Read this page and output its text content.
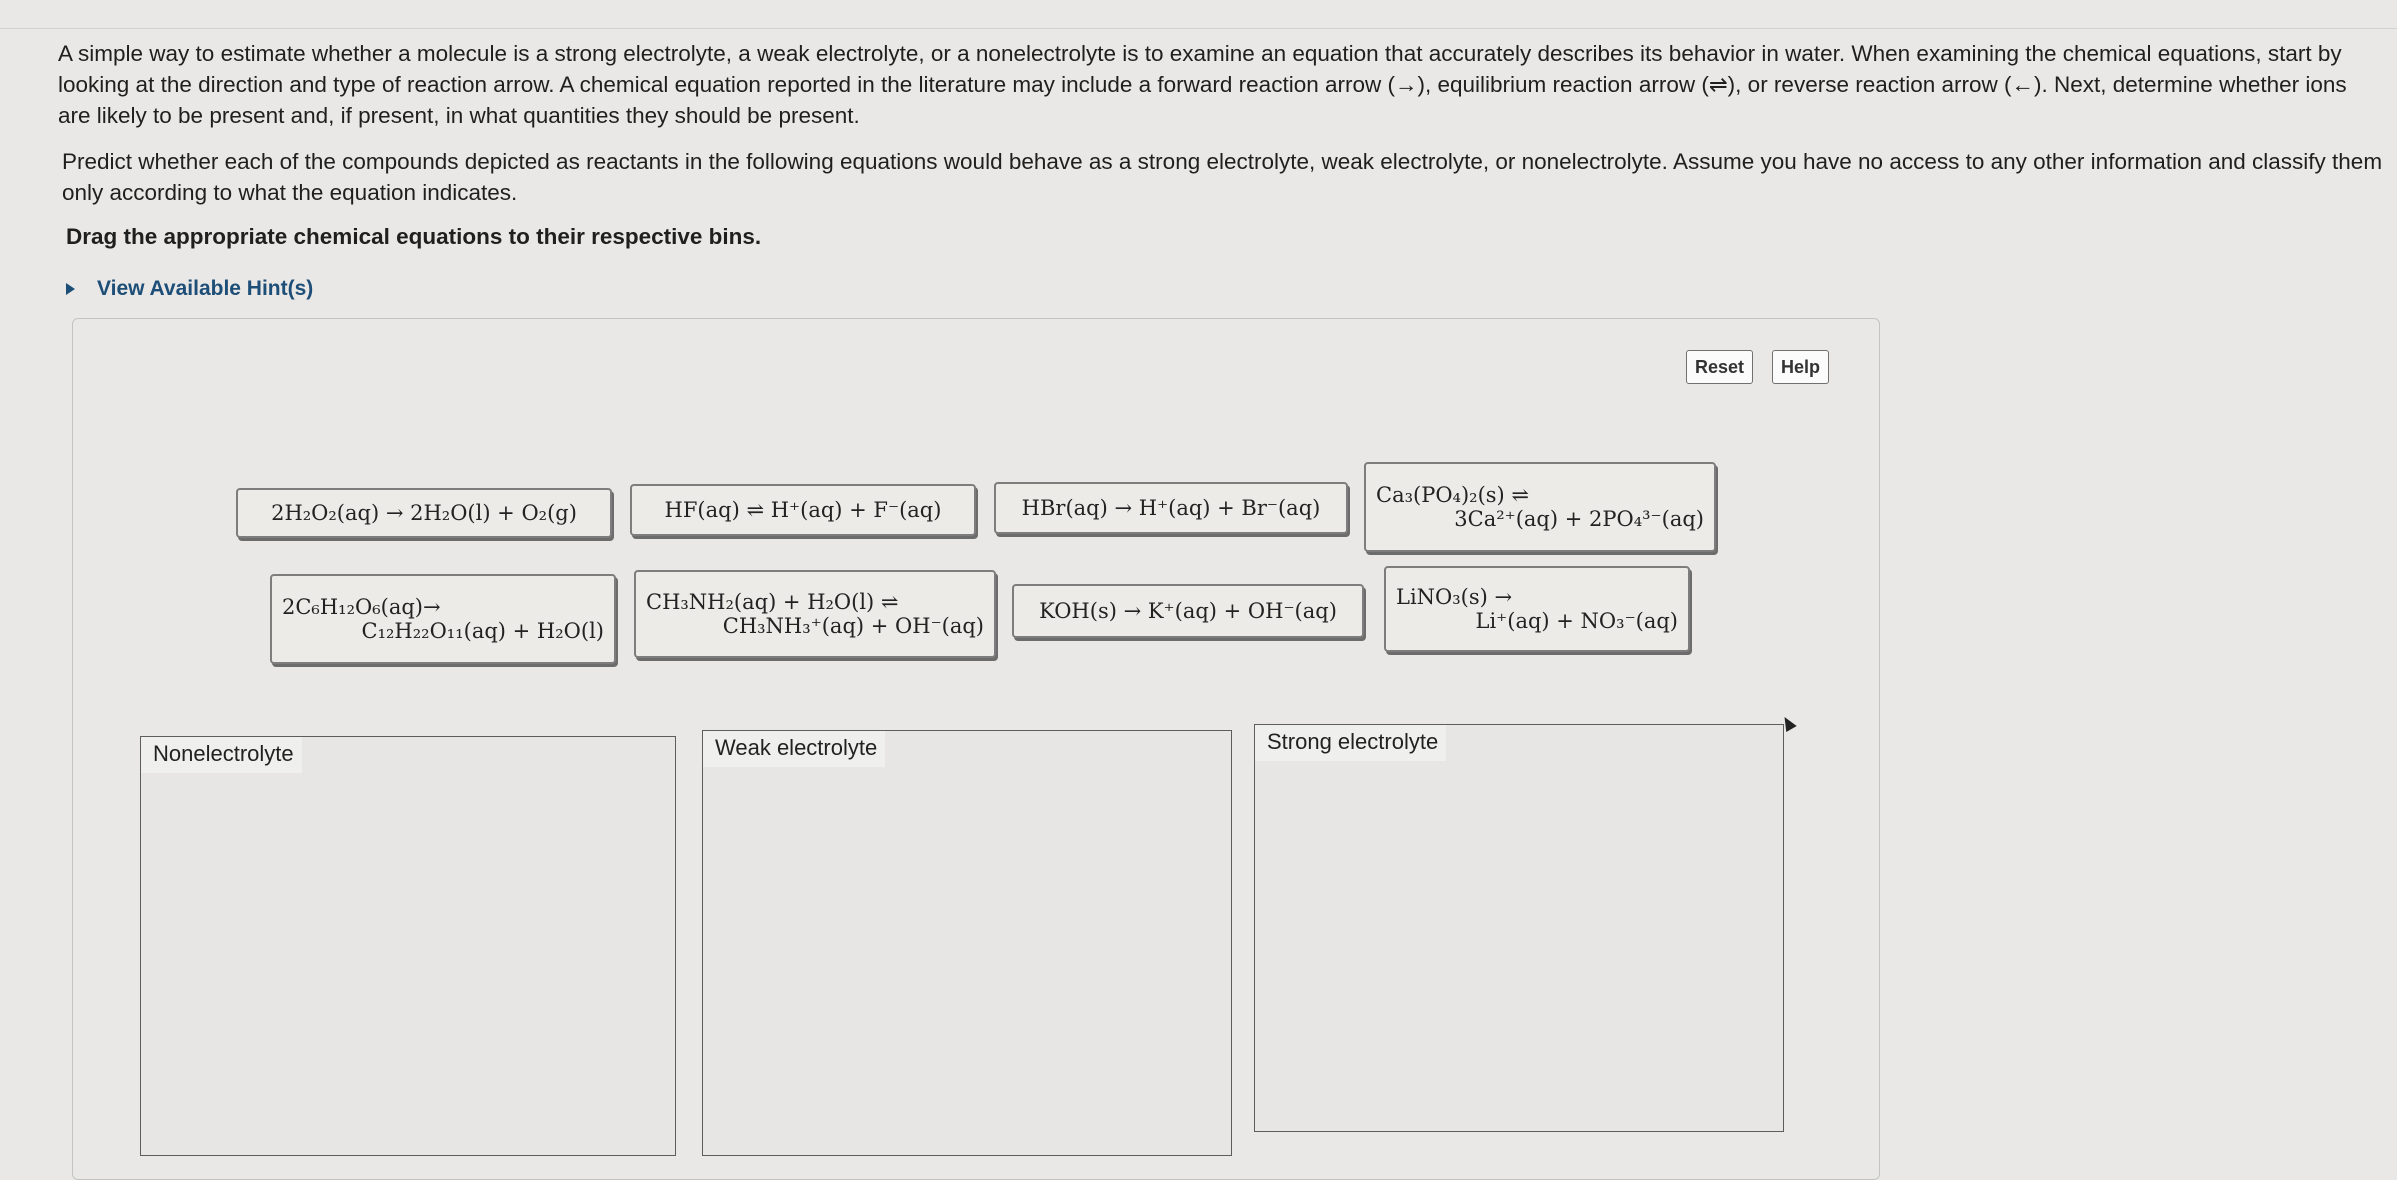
A simple way to estimate whether a molecule is a strong electrolyte, a weak electrolyte, or a nonelectrolyte is to examine an equation that accurately describes its behavior in water. When examining the chemical equations, start by

looking at the direction and type of reaction arrow. A chemical equation reported in the literature may include a forward reaction arrow (→), equilibrium reaction arrow (⇌), or reverse reaction arrow (←). Next, determine whether ions

are likely to be present and, if present, in what quantities they should be present.

Predict whether each of the compounds depicted as reactants in the following equations would behave as a strong electrolyte, weak electrolyte, or nonelectrolyte. Assume you have no access to any other information and classify them

only according to what the equation indicates.

Drag the appropriate chemical equations to their respective bins.
View Available Hint(s)
Reset	Help
2H₂O₂(aq) → 2H₂O(l) + O₂(g)	HF(aq) ⇌ H⁺(aq) + F⁻(aq)	HBr(aq) → H⁺(aq) + Br⁻(aq)
Ca₃(PO₄)₂(s) ⇌
3Ca²⁺(aq) + 2PO₄³⁻(aq)
2C₆H₁₂O₆(aq)→
C₁₂H₂₂O₁₁(aq) + H₂O(l)
CH₃NH₂(aq) + H₂O(l) ⇌
CH₃NH₃⁺(aq) + OH⁻(aq)
KOH(s) → K⁺(aq) + OH⁻(aq)
LiNO₃(s) →
Li⁺(aq) + NO₃⁻(aq)
Nonelectrolyte	Weak electrolyte	Strong electrolyte
